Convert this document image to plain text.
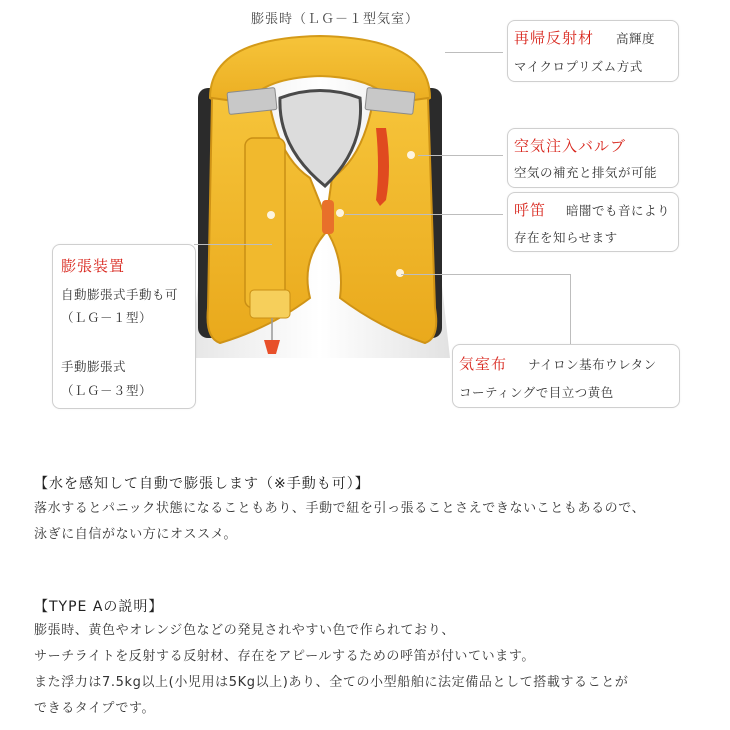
膨張時（ＬＧ－１型気室）
再帰反射材 高輝度
マイクロプリズム方式
空気注入バルブ
空気の補充と排気が可能
呼笛 暗闇でも音により
存在を知らせます
膨張装置
自動膨張式手動も可
（ＬＧ－１型）
手動膨張式
（ＬＧ－３型）
気室布 ナイロン基布ウレタン
コーティングで目立つ黄色
【水を感知して自動で膨張します（※手動も可）】
落水するとパニック状態になることもあり、手動で紐を引っ張ることさえできないこともあるので、
泳ぎに自信がない方にオススメ。
【TYPE Aの説明】
膨張時、黄色やオレンジ色などの発見されやすい色で作られており、
サーチライトを反射する反射材、存在をアピールするための呼笛が付いています。
また浮力は7.5kg以上(小児用は5Kg以上)あり、全ての小型船舶に法定備品として搭載することが
できるタイプです。
